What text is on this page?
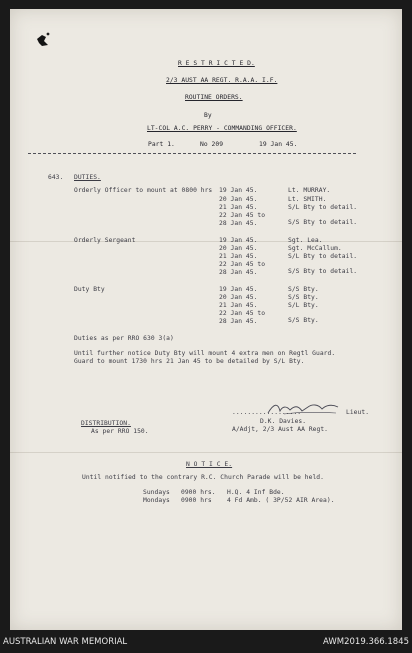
R E S T R I C T E D.
2/3 AUST AA REGT. R.A.A. I.F.
ROUTINE ORDERS.
By
LT-COL A.C. PERRY - COMMANDING OFFICER.
Part 1.	No 209	19 Jan 45.
643. DUTIES.
Orderly Officer to mount at 0800 hrs 19 Jan 45.	Lt. MURRAY.
20 Jan 45.	Lt. SMITH.
21 Jan 45.	S/L Bty to detail.
22 Jan 45 to
28 Jan 45.	S/S Bty to detail.
Orderly Sergeant	19 Jan 45.	Sgt. Lea.
20 Jan 45.	Sgt. McCallum.
21 Jan 45.	S/L Bty to detail.
22 Jan 45 to
28 Jan 45.	S/S Bty to detail.
Duty Bty	19 Jan 45.	S/S Bty.
20 Jan 45.	S/S Bty.
21 Jan 45.	S/L Bty.
22 Jan 45 to
28 Jan 45.	S/S Bty.
Duties as per RRO 630 3(a)
Until further notice Duty Bty will mount 4 extra men on Regtl Guard.
Guard to mount 1730 hrs 21 Jan 45 to be detailed by S/L Bty.
DISTRIBUTION.
As per RRO 150.
..................	Lieut.
D.K. Davies.
A/Adjt, 2/3 Aust AA Regt.
N O T I C E.
Until notified to the contrary R.C. Church Parade will be held.
Sundays 0900 hrs. H.Q. 4 Inf Bde.
Mondays 0900 hrs 4 Fd Amb. ( 3P/52 AIR Area).
AUSTRALIAN WAR MEMORIAL	AWM2019.366.1845
